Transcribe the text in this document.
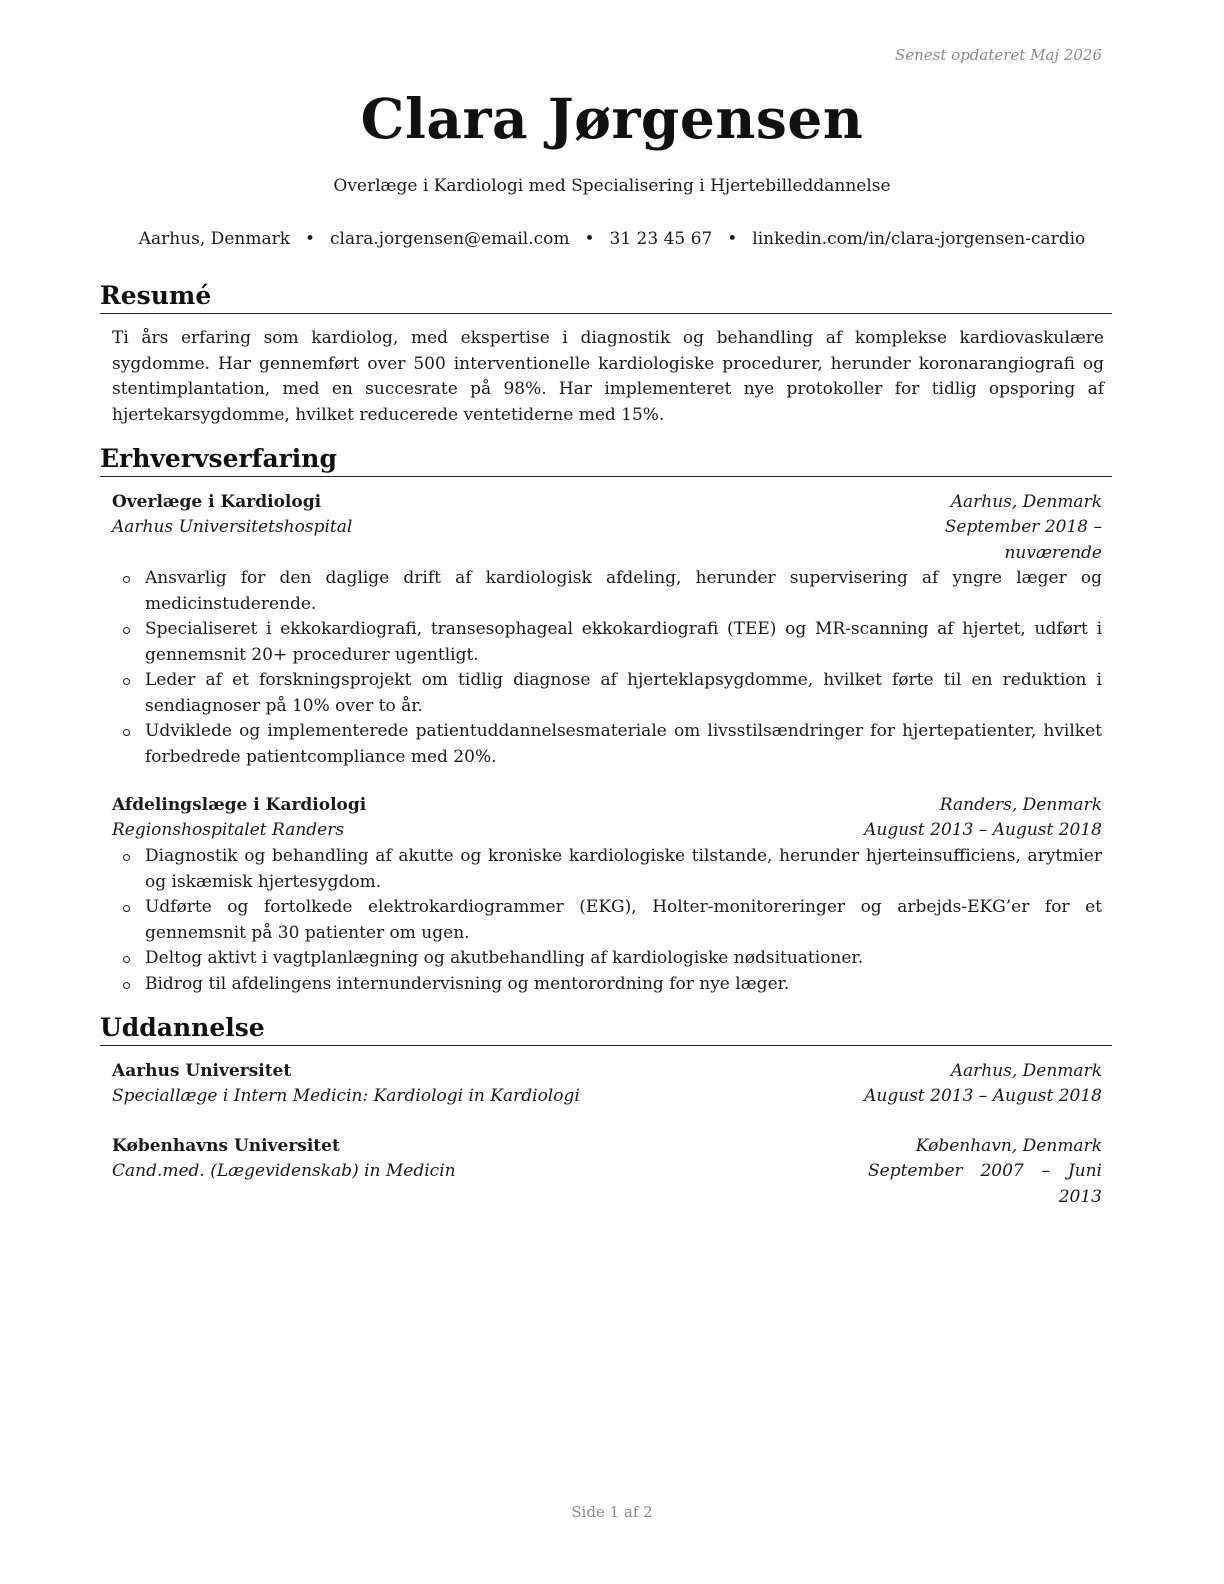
Senest opdateret Maj 2026
Clara Jørgensen
Overlæge i Kardiologi med Specialisering i Hjertebilleddannelse
Aarhus, Denmark • clara.jorgensen@email.com • 31 23 45 67 • linkedin.com/in/clara-jorgensen-cardio
Resumé
Ti års erfaring som kardiolog, med ekspertise i diagnostik og behandling af komplekse kardiovaskulære sygdomme. Har gennemført over 500 interventionelle kardiologiske procedurer, herunder koronarangiografi og stentimplantation, med en succesrate på 98%. Har implementeret nye protokoller for tidlig opsporing af hjertekarsygdomme, hvilket reducerede ventetiderne med 15%.
Erhvervserfaring
Overlæge i Kardiologi	Aarhus, Denmark
Aarhus Universitetshospital	September 2018 – nuværende
Ansvarlig for den daglige drift af kardiologisk afdeling, herunder supervisering af yngre læger og medicinstuderende.
Specialiseret i ekkokardiografi, transesophageal ekkokardiografi (TEE) og MR-scanning af hjertet, udført i gennemsnit 20+ procedurer ugentligt.
Leder af et forskningsprojekt om tidlig diagnose af hjerteklapsygdomme, hvilket førte til en reduktion i sendiagnoser på 10% over to år.
Udviklede og implementerede patientuddannelsesmateriale om livsstilsændringer for hjertepatienter, hvilket forbedrede patientcompliance med 20%.
Afdelingslæge i Kardiologi	Randers, Denmark
Regionshospitalet Randers	August 2013 – August 2018
Diagnostik og behandling af akutte og kroniske kardiologiske tilstande, herunder hjerteinsufficiens, arytmier og iskæmisk hjertesygdom.
Udførte og fortolkede elektrokardiogrammer (EKG), Holter-monitoreringer og arbejds-EKG’er for et gennemsnit på 30 patienter om ugen.
Deltog aktivt i vagtplanlægning og akutbehandling af kardiologiske nødsituationer.
Bidrog til afdelingens internundervisning og mentorordning for nye læger.
Uddannelse
Aarhus Universitet	Aarhus, Denmark
Speciallæge i Intern Medicin: Kardiologi in Kardiologi	August 2013 – August 2018
Københavns Universitet	København, Denmark
Cand.med. (Lægevidenskab) in Medicin	September 2007 – Juni 2013
Side 1 af 2
